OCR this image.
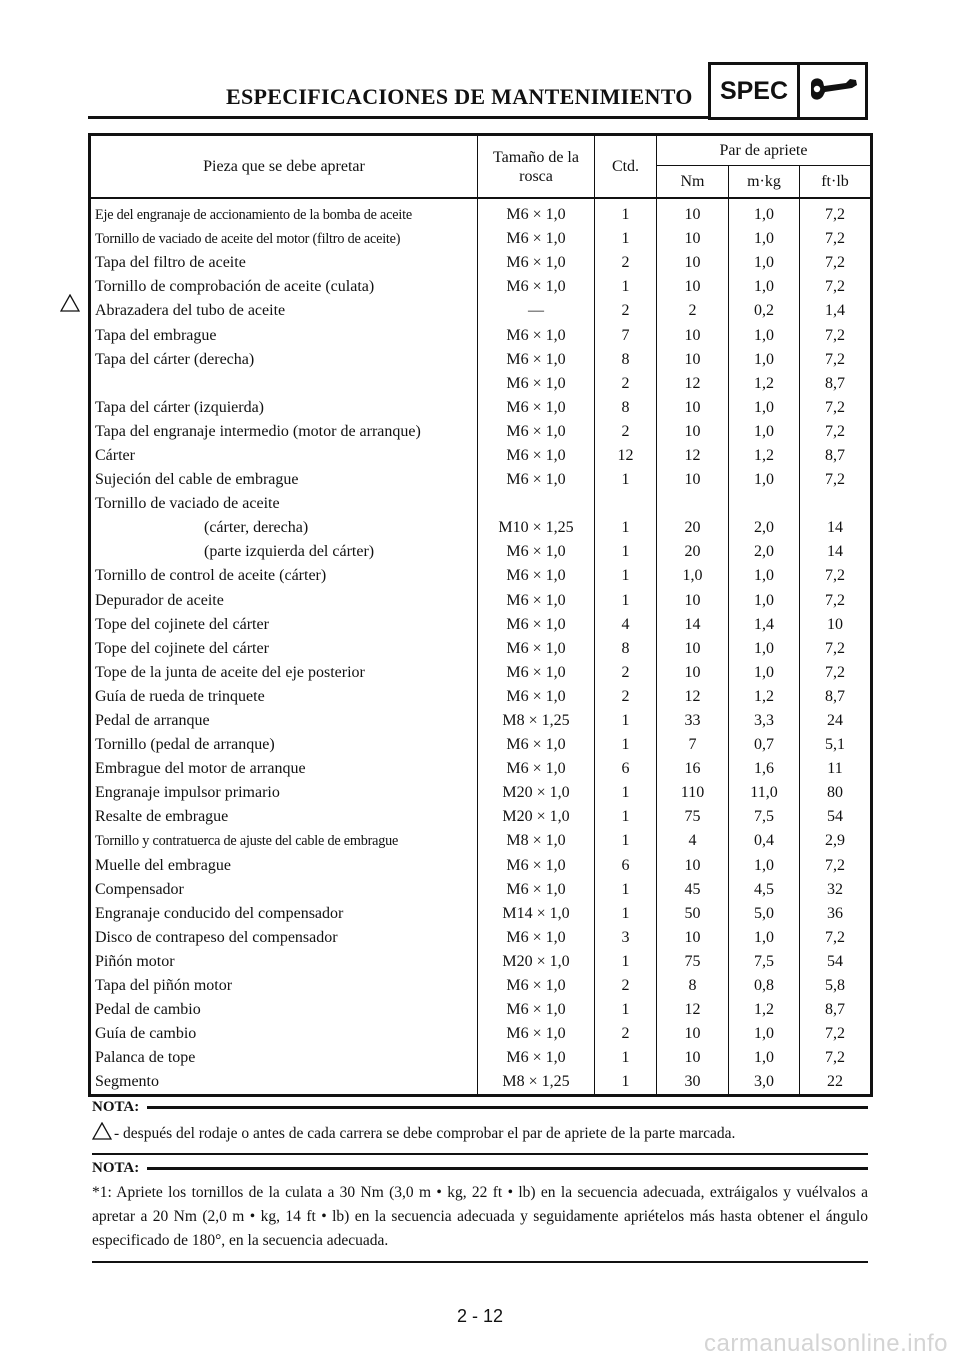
ESPECIFICACIONES DE MANTENIMIENTO	SPEC
Pieza que se debe apretar	Tamaño de la rosca	Ctd.	Par de apriete		
			Nm	m·kg	ft·lb
Eje del engranaje de accionamiento de la bomba de aceite	M6 × 1,0	1	10	1,0	7,2
Tornillo de vaciado de aceite del motor (filtro de aceite)	M6 × 1,0	1	10	1,0	7,2
Tapa del filtro de aceite	M6 × 1,0	2	10	1,0	7,2
Tornillo de comprobación de aceite (culata)	M6 × 1,0	1	10	1,0	7,2
Abrazadera del tubo de aceite	—	2	2	0,2	1,4
Tapa del embrague	M6 × 1,0	7	10	1,0	7,2
Tapa del cárter (derecha)	M6 × 1,0	8	10	1,0	7,2
	M6 × 1,0	2	12	1,2	8,7
Tapa del cárter (izquierda)	M6 × 1,0	8	10	1,0	7,2
Tapa del engranaje intermedio (motor de arranque)	M6 × 1,0	2	10	1,0	7,2
Cárter	M6 × 1,0	12	12	1,2	8,7
Sujeción del cable de embrague	M6 × 1,0	1	10	1,0	7,2
Tornillo de vaciado de aceite					
(cárter, derecha)	M10 × 1,25	1	20	2,0	14
(parte izquierda del cárter)	M6 × 1,0	1	20	2,0	14
Tornillo de control de aceite (cárter)	M6 × 1,0	1	1,0	1,0	7,2
Depurador de aceite	M6 × 1,0	1	10	1,0	7,2
Tope del cojinete del cárter	M6 × 1,0	4	14	1,4	10
Tope del cojinete del cárter	M6 × 1,0	8	10	1,0	7,2
Tope de la junta de aceite del eje posterior	M6 × 1,0	2	10	1,0	7,2
Guía de rueda de trinquete	M6 × 1,0	2	12	1,2	8,7
Pedal de arranque	M8 × 1,25	1	33	3,3	24
Tornillo (pedal de arranque)	M6 × 1,0	1	7	0,7	5,1
Embrague del motor de arranque	M6 × 1,0	6	16	1,6	11
Engranaje impulsor primario	M20 × 1,0	1	110	11,0	80
Resalte de embrague	M20 × 1,0	1	75	7,5	54
Tornillo y contratuerca de ajuste del cable de embrague	M8 × 1,0	1	4	0,4	2,9
Muelle del embrague	M6 × 1,0	6	10	1,0	7,2
Compensador	M6 × 1,0	1	45	4,5	32
Engranaje conducido del compensador	M14 × 1,0	1	50	5,0	36
Disco de contrapeso del compensador	M6 × 1,0	3	10	1,0	7,2
Piñón motor	M20 × 1,0	1	75	7,5	54
Tapa del piñón motor	M6 × 1,0	2	8	0,8	5,8
Pedal de cambio	M6 × 1,0	1	12	1,2	8,7
Guía de cambio	M6 × 1,0	2	10	1,0	7,2
Palanca de tope	M6 × 1,0	1	10	1,0	7,2
Segmento	M8 × 1,25	1	30	3,0	22
NOTA:
- después del rodaje o antes de cada carrera se debe comprobar el par de apriete de la parte marcada.
NOTA:
*1: Apriete los tornillos de la culata a 30 Nm (3,0 m • kg, 22 ft • lb) en la secuencia adecuada, extráigalos y vuélvalos a apretar a 20 Nm (2,0 m • kg, 14 ft • lb) en la secuencia adecuada y seguidamente apriételos más hasta obtener el ángulo especificado de 180°, en la secuencia adecuada.
2 - 12
carmanualsonline.info
